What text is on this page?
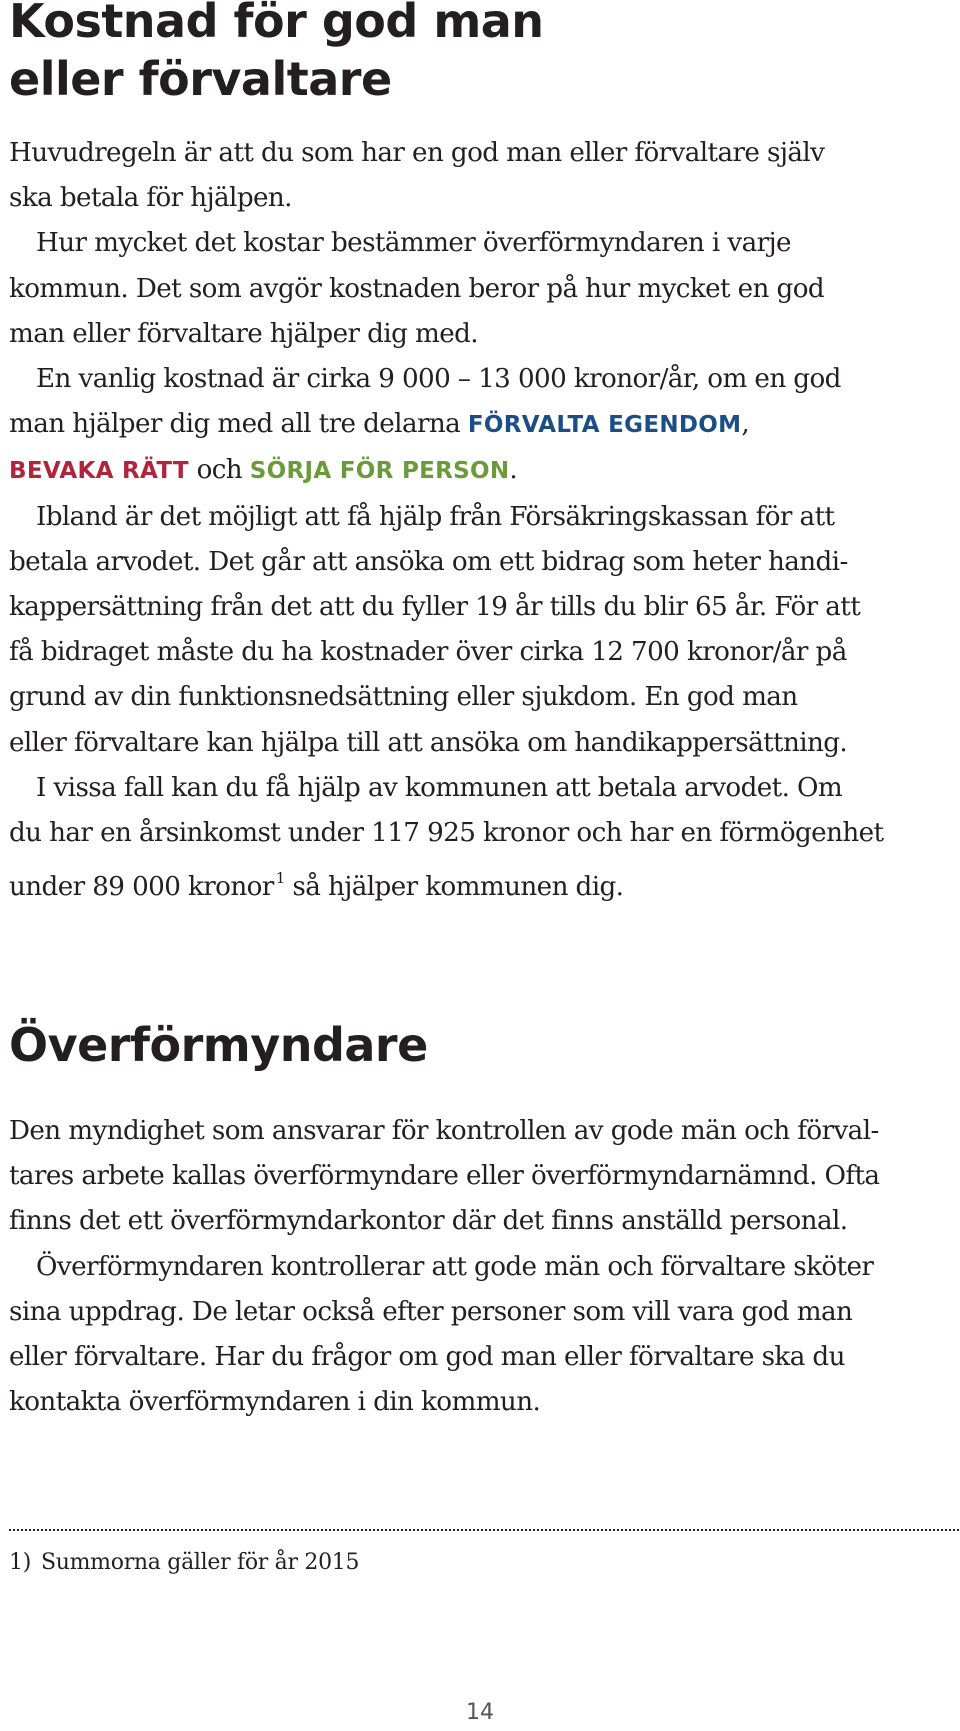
Kostnad för god man
eller förvaltare
Huvudregeln är att du som har en god man eller förvaltare själv
ska betala för hjälpen.
Hur mycket det kostar bestämmer överförmyndaren i varje
kommun. Det som avgör kostnaden beror på hur mycket en god
man eller förvaltare hjälper dig med.
En vanlig kostnad är cirka 9 000 – 13 000 kronor/år, om en god
man hjälper dig med all tre delarna FÖRVALTA EGENDOM,
BEVAKA RÄTT och SÖRJA FÖR PERSON.
Ibland är det möjligt att få hjälp från Försäkringskassan för att
betala arvodet. Det går att ansöka om ett bidrag som heter handi-
kappersättning från det att du fyller 19 år tills du blir 65 år. För att
få bidraget måste du ha kostnader över cirka 12 700 kronor/år på
grund av din funktionsnedsättning eller sjukdom. En god man
eller förvaltare kan hjälpa till att ansöka om handikappersättning.
I vissa fall kan du få hjälp av kommunen att betala arvodet. Om
du har en årsinkomst under 117 925 kronor och har en förmögenhet
under 89 000 kronor $^1$ så hjälper kommunen dig.
Överförmyndare
Den myndighet som ansvarar för kontrollen av gode män och förval-
tares arbete kallas överförmyndare eller överförmyndarnämnd. Ofta
finns det ett överförmyndarkontor där det finns anställd personal.
Överförmyndaren kontrollerar att gode män och förvaltare sköter
sina uppdrag. De letar också efter personer som vill vara god man
eller förvaltare. Har du frågor om god man eller förvaltare ska du
kontakta överförmyndaren i din kommun.
1) Summorna gäller för år 2015
14
